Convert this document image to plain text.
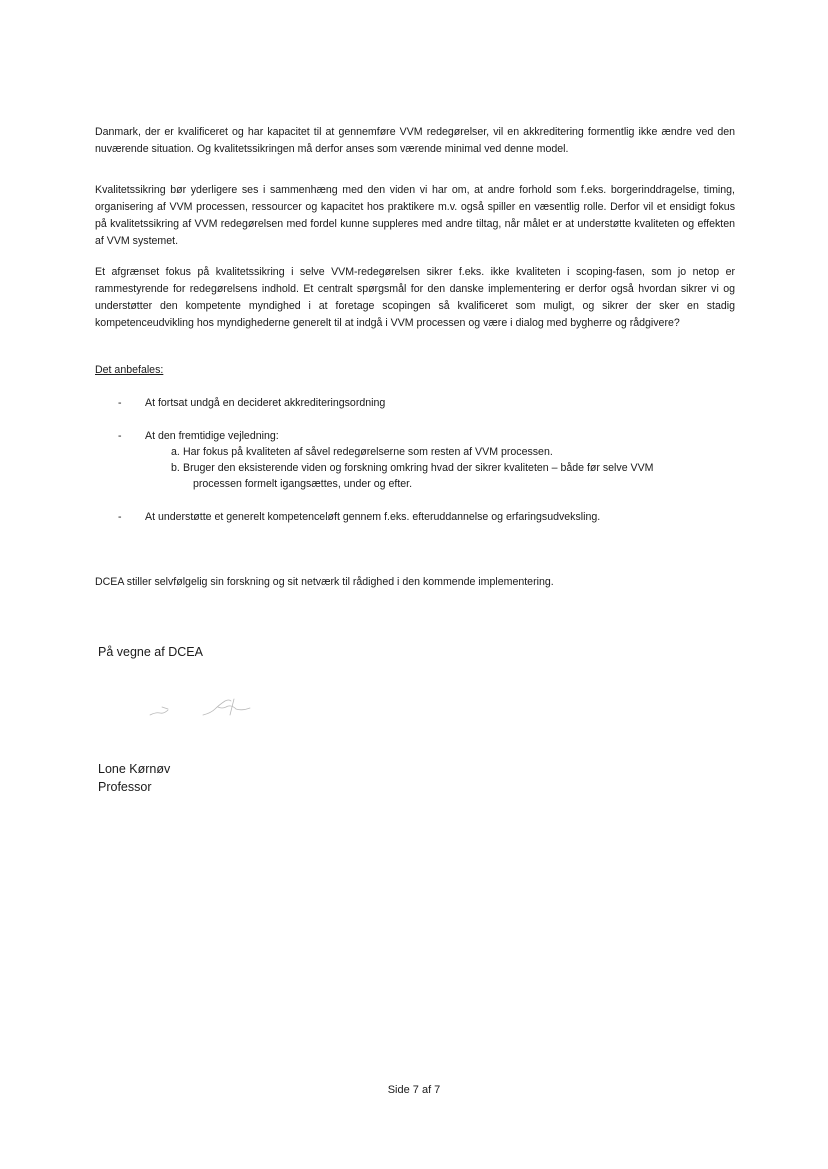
Danmark, der er kvalificeret og har kapacitet til at gennemføre VVM redegørelser, vil en akkreditering formentlig ikke ændre ved den nuværende situation. Og kvalitetssikringen må derfor anses som værende minimal ved denne model.

Kvalitetssikring bør yderligere ses i sammenhæng med den viden vi har om, at andre forhold som f.eks. borgerinddragelse, timing, organisering af VVM processen, ressourcer og kapacitet hos praktikere m.v. også spiller en væsentlig rolle. Derfor vil et ensidigt fokus på kvalitetssikring af VVM redegørelsen med fordel kunne suppleres med andre tiltag, når målet er at understøtte kvaliteten og effekten af VVM systemet.

Et afgrænset fokus på kvalitetssikring i selve VVM-redegørelsen sikrer f.eks. ikke kvaliteten i scoping-fasen, som jo netop er rammestyrende for redegørelsens indhold. Et centralt spørgsmål for den danske implementering er derfor også hvordan sikrer vi og understøtter den kompetente myndighed i at foretage scopingen så kvalificeret som muligt, og sikrer der sker en stadig kompetenceudvikling hos myndighederne generelt til at indgå i VVM processen og være i dialog med bygherre og rådgivere?

Det anbefales:

- At fortsat undgå en decideret akkrediteringsordning
- At den fremtidige vejledning:
a. Har fokus på kvaliteten af såvel redegørelserne som resten af VVM processen.
b. Bruger den eksisterende viden og forskning omkring hvad der sikrer kvaliteten – både før selve VVM
processen formelt igangsættes, under og efter.
- At understøtte et generelt kompetenceløft gennem f.eks. efteruddannelse og erfaringsudveksling.
DCEA stiller selvfølgelig sin forskning og sit netværk til rådighed i den kommende implementering.
På vegne af DCEA
Lone Kørnøv
Professor
Side 7 af 7
